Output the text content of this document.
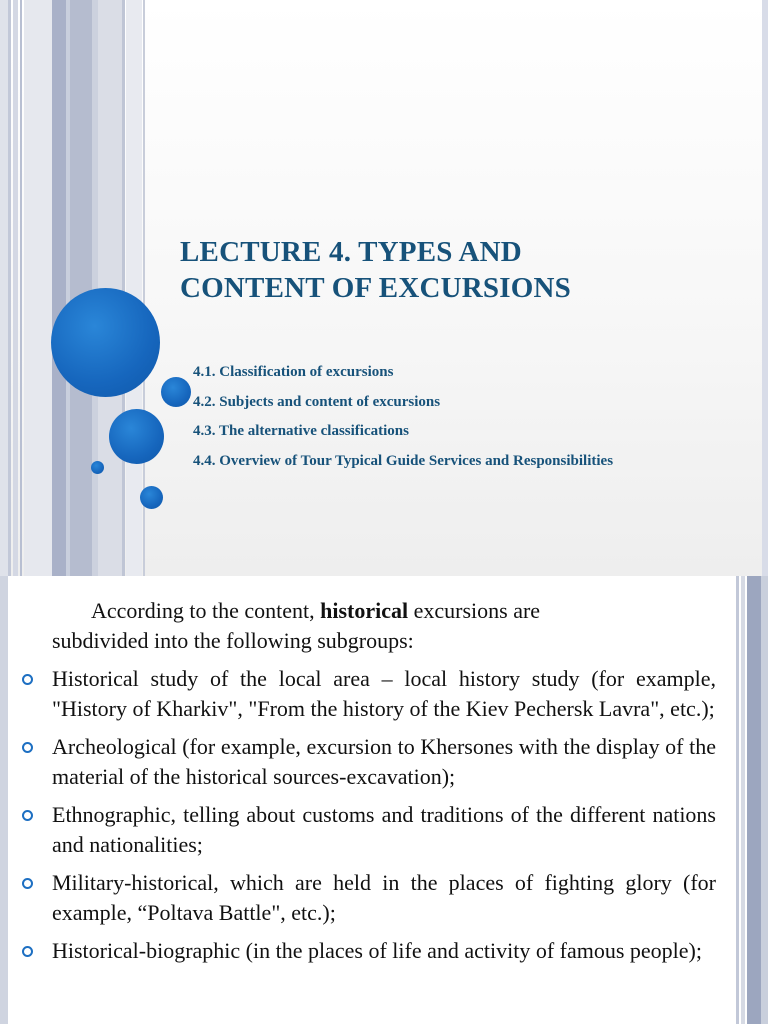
LECTURE 4. TYPES AND
CONTENT OF EXCURSIONS
4.1. Classification of excursions
4.2. Subjects and content of excursions
4.3. The alternative classifications
4.4. Overview of Tour Typical Guide Services and Responsibilities

According to the content, historical excursions are
subdivided into the following subgroups:

Historical study of the local area – local history study (for example, "History of Kharkiv", "From the history of the Kiev Pechersk Lavra", etc.);
Archeological (for example, excursion to Khersones with the display of the material of the historical sources-excavation);
Ethnographic, telling about customs and traditions of the different nations and nationalities;
Military-historical, which are held in the places of fighting glory (for example, “Poltava Battle", etc.);
Historical-biographic (in the places of life and activity of famous people);
